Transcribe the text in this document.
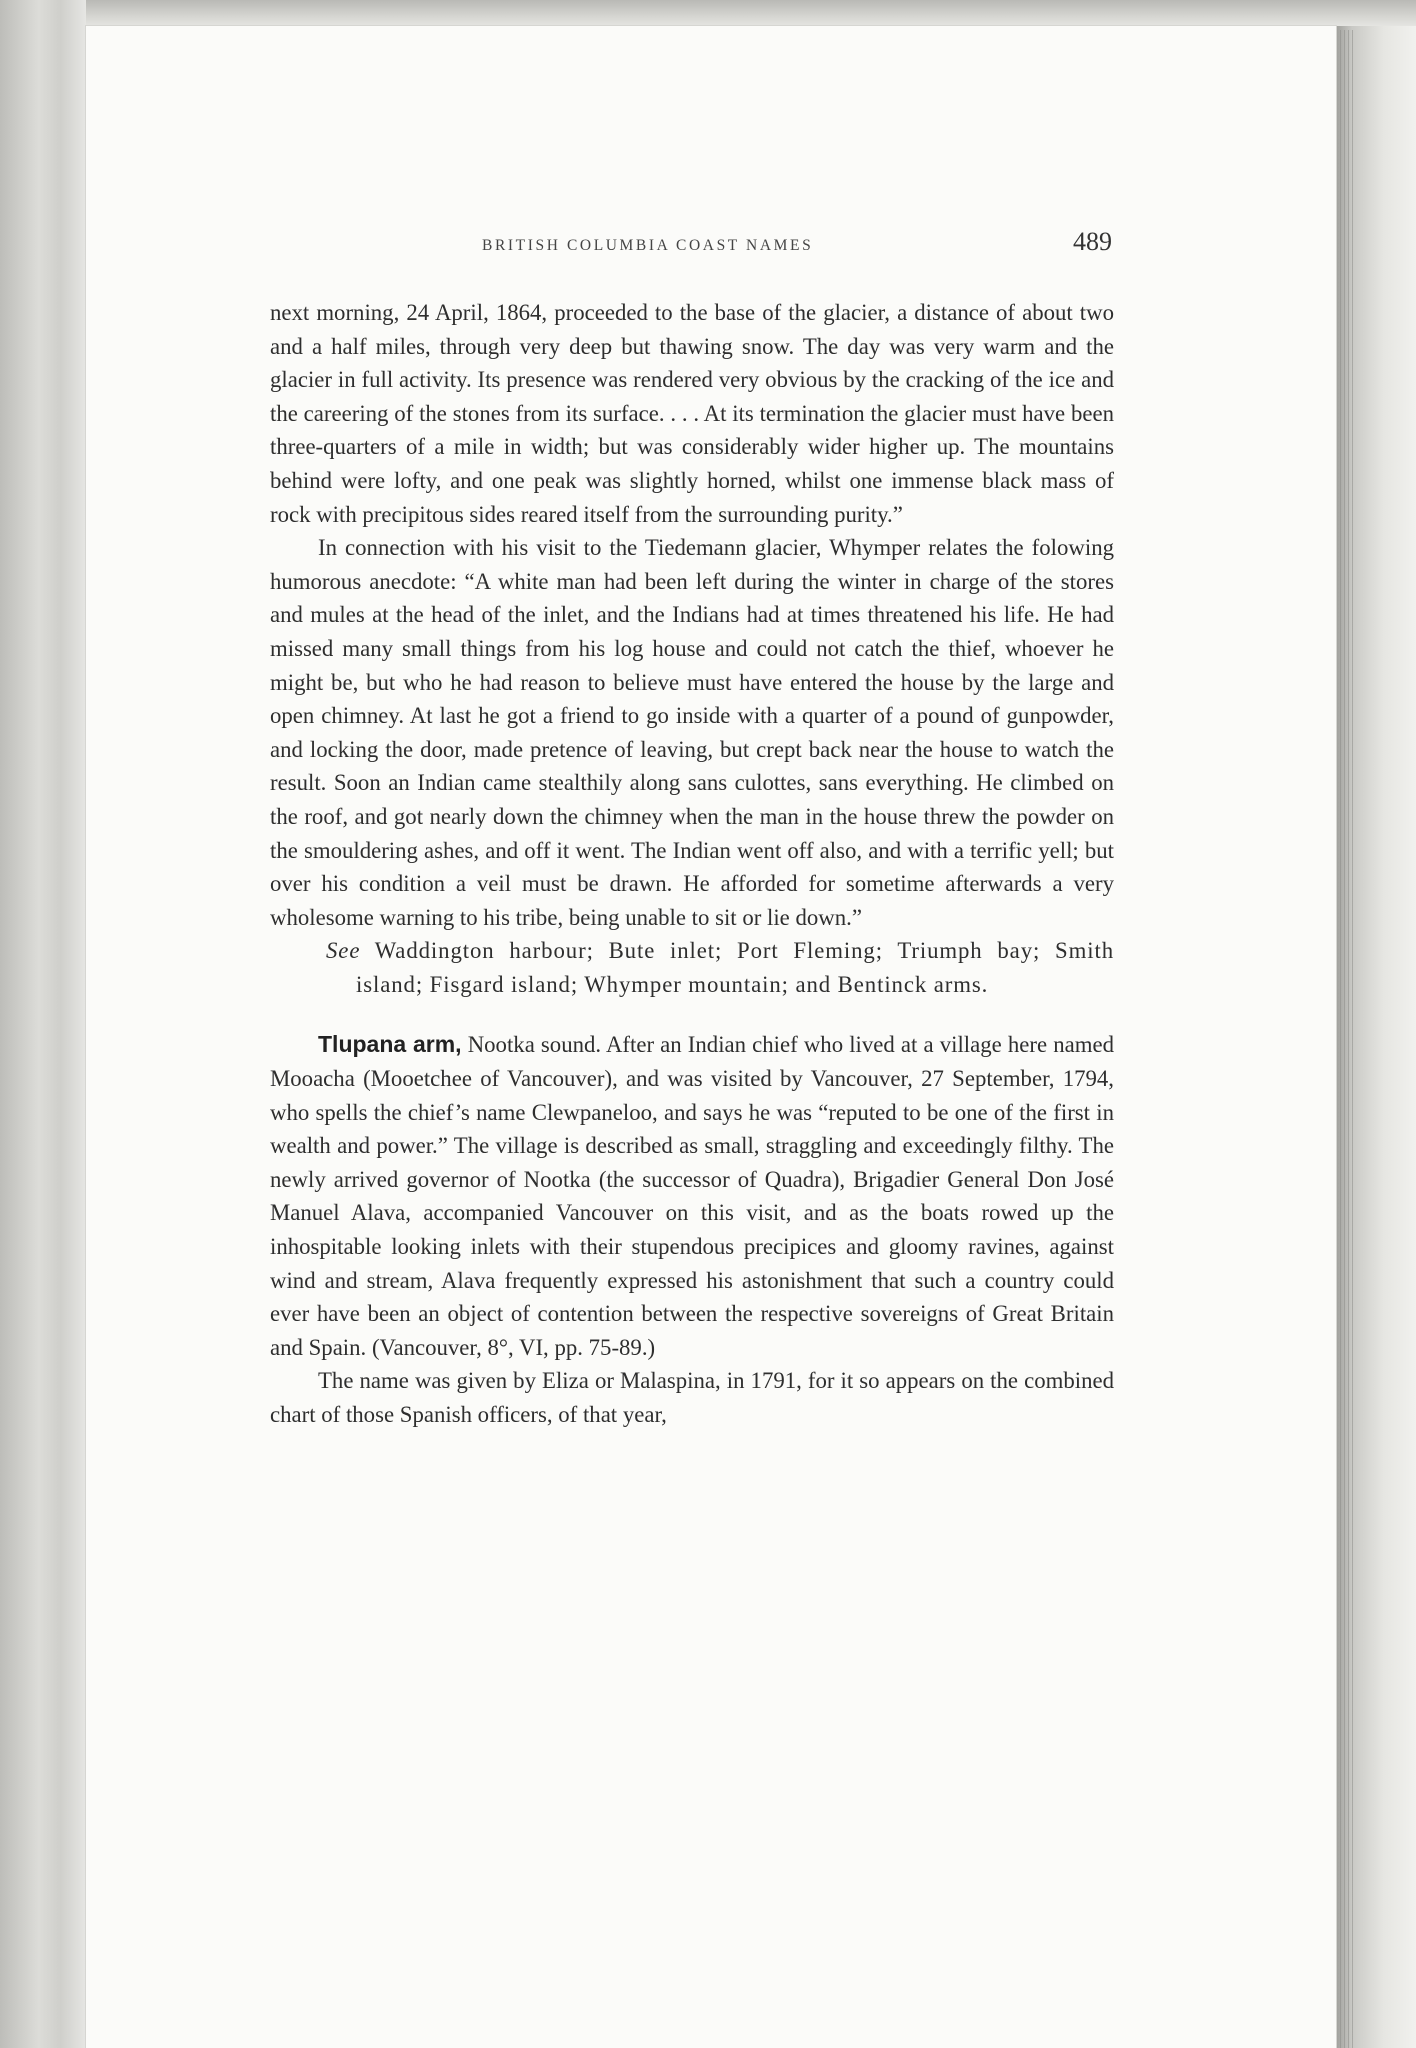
BRITISH COLUMBIA COAST NAMES	489

next morning, 24 April, 1864, proceeded to the base of the glacier, a distance of about two and a half miles, through very deep but thawing snow. The day was very warm and the glacier in full activity. Its presence was rendered very obvious by the cracking of the ice and the careering of the stones from its surface. . . . At its termination the glacier must have been three-quarters of a mile in width; but was considerably wider higher up. The mountains behind were lofty, and one peak was slightly horned, whilst one immense black mass of rock with precipitous sides reared itself from the surrounding purity.”

In connection with his visit to the Tiedemann glacier, Whymper relates the folowing humorous anecdote: “A white man had been left during the winter in charge of the stores and mules at the head of the inlet, and the Indians had at times threatened his life. He had missed many small things from his log house and could not catch the thief, whoever he might be, but who he had reason to believe must have entered the house by the large and open chimney. At last he got a friend to go inside with a quarter of a pound of gunpowder, and locking the door, made pretence of leaving, but crept back near the house to watch the result. Soon an Indian came stealthily along sans culottes, sans everything. He climbed on the roof, and got nearly down the chimney when the man in the house threw the powder on the smouldering ashes, and off it went. The Indian went off also, and with a terrific yell; but over his condition a veil must be drawn. He afforded for sometime afterwards a very wholesome warning to his tribe, being unable to sit or lie down.”

See Waddington harbour; Bute inlet; Port Fleming; Triumph bay; Smith island; Fisgard island; Whymper mountain; and Bentinck arms.

Tlupana arm, Nootka sound. After an Indian chief who lived at a village here named Mooacha (Mooetchee of Vancouver), and was visited by Vancouver, 27 September, 1794, who spells the chief’s name Clewpaneloo, and says he was “reputed to be one of the first in wealth and power.” The village is described as small, straggling and exceedingly filthy. The newly arrived governor of Nootka (the successor of Quadra), Brigadier General Don José Manuel Alava, accompanied Vancouver on this visit, and as the boats rowed up the inhospitable looking inlets with their stupendous precipices and gloomy ravines, against wind and stream, Alava frequently expressed his astonishment that such a country could ever have been an object of contention between the respective sovereigns of Great Britain and Spain. (Vancouver, 8°, VI, pp. 75-89.)

The name was given by Eliza or Malaspina, in 1791, for it so appears on the combined chart of those Spanish officers, of that year,
